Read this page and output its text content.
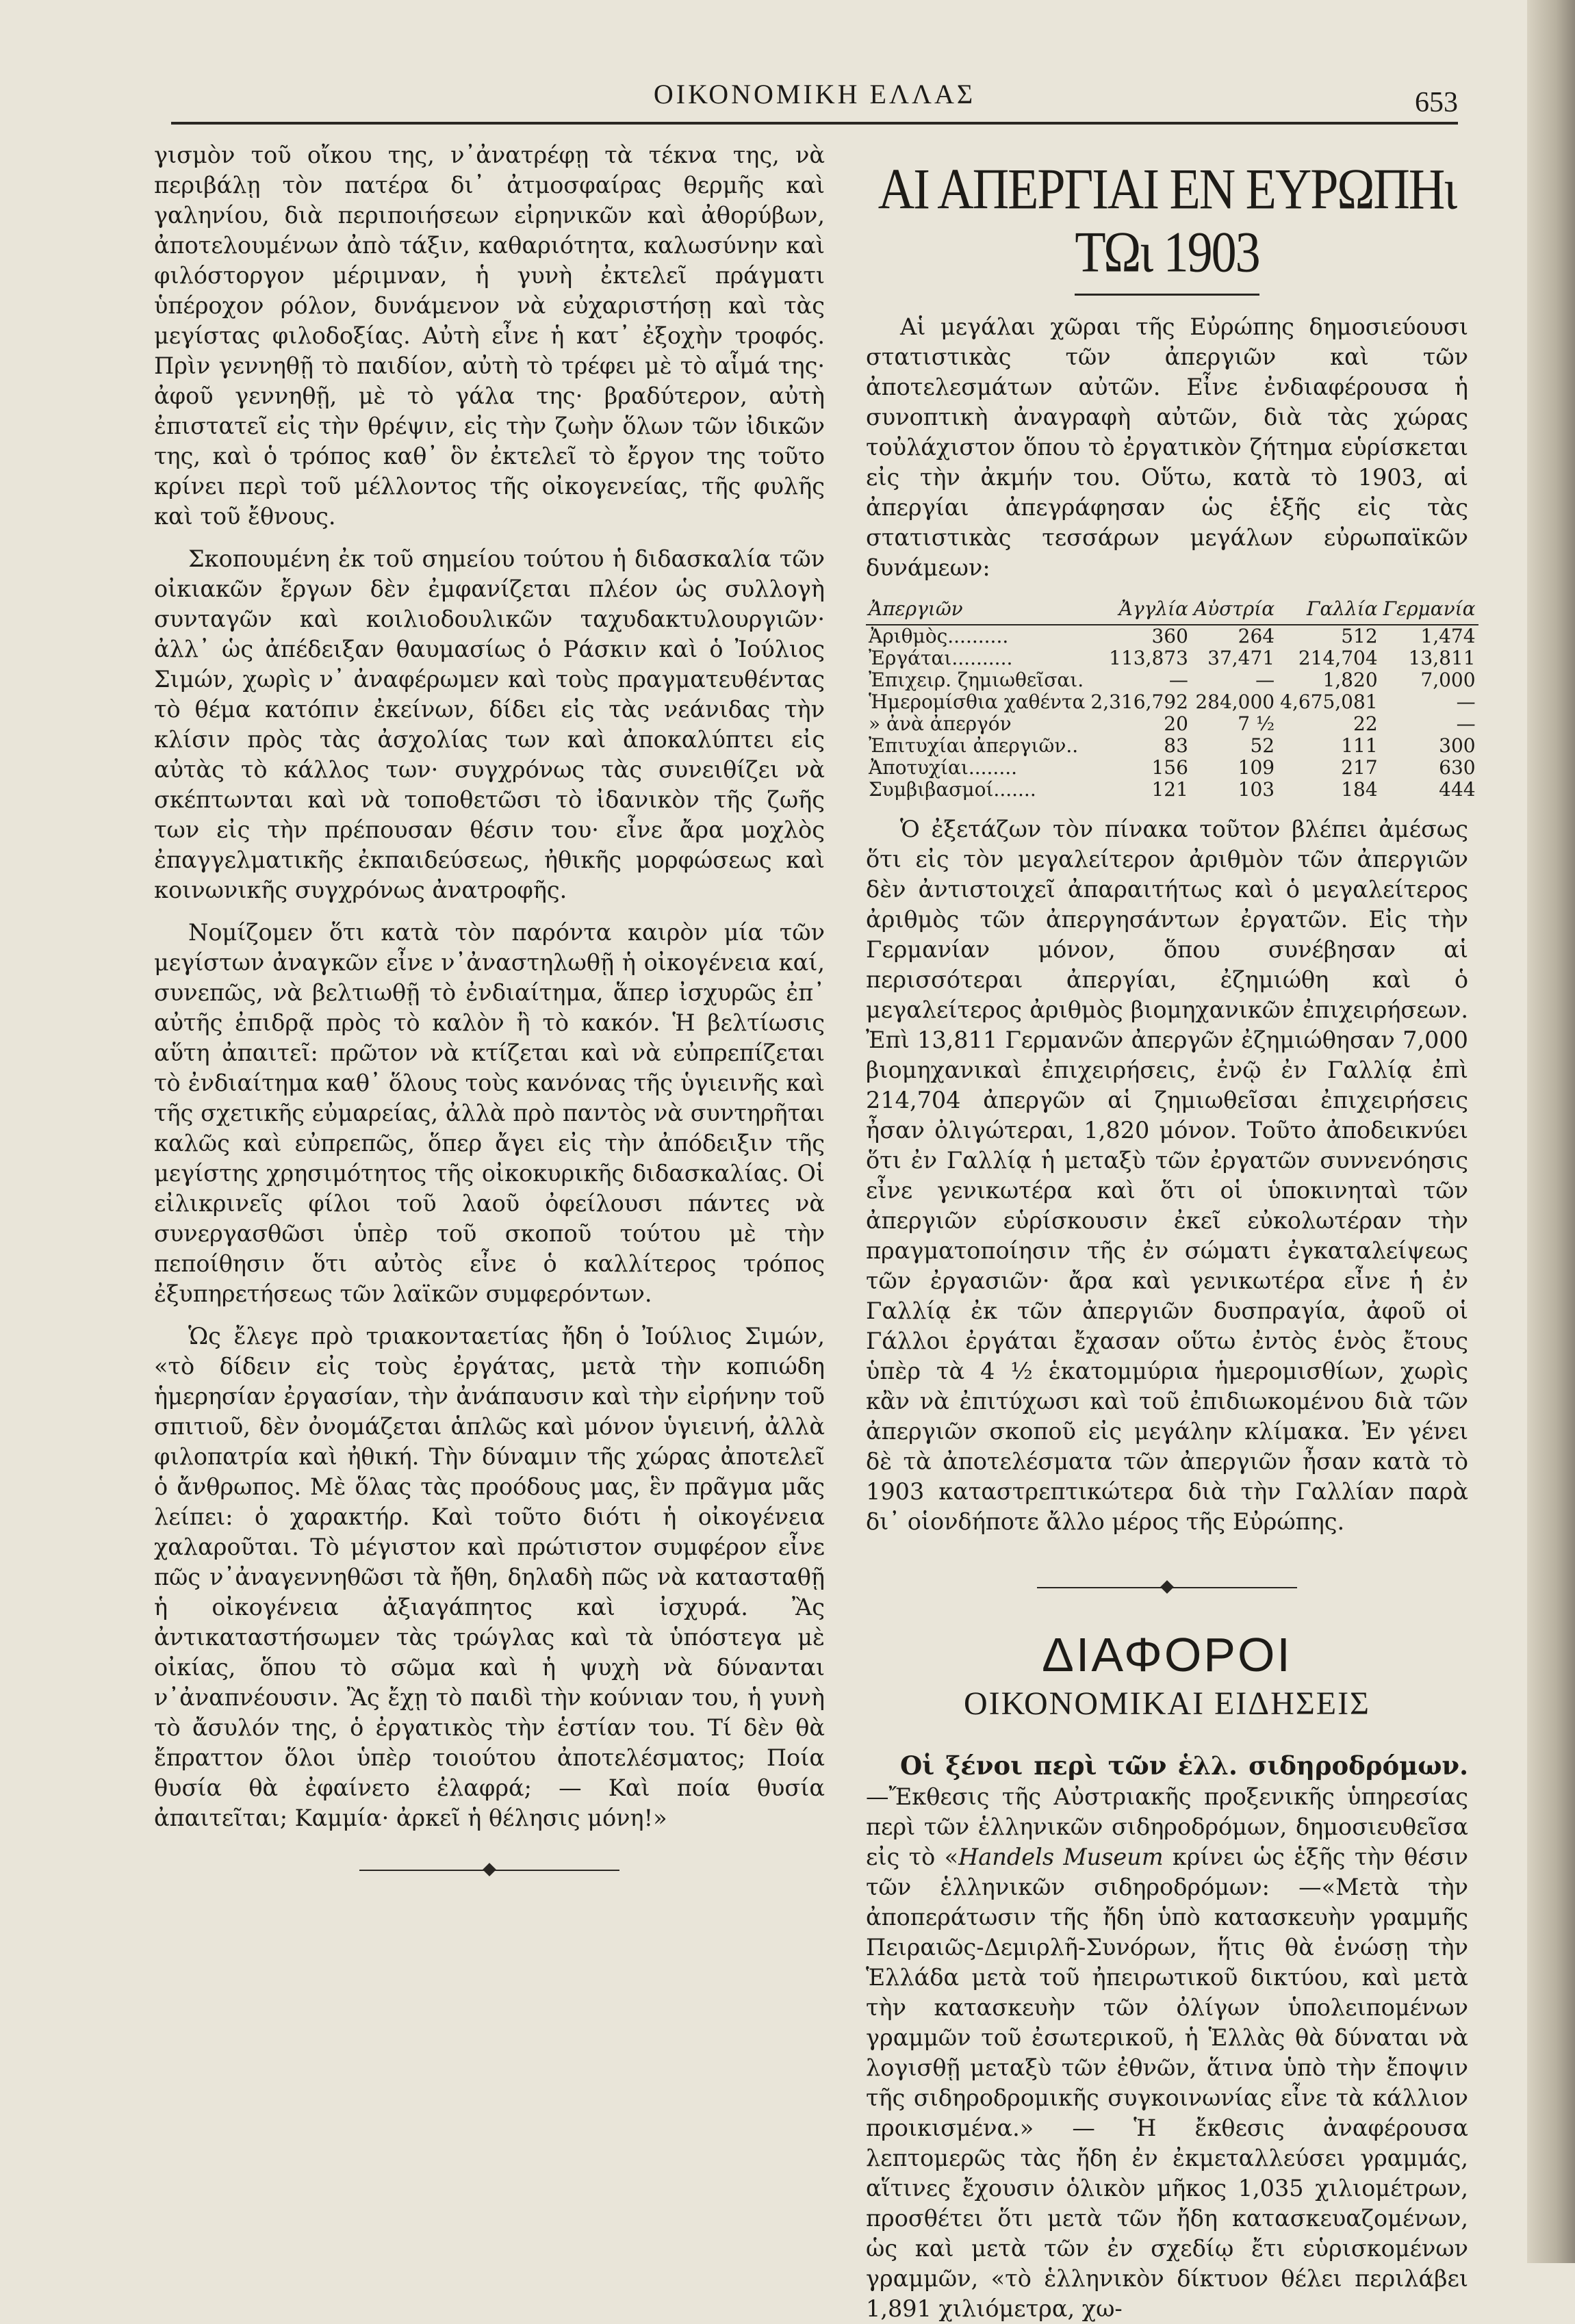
ΟΙΚΟΝΟΜΙΚΗ ΕΛΛΑΣ	653

γισμὸν τοῦ οἴκου της, ν᾽ἀνατρέφῃ τὰ τέκνα της, νὰ περιβάλῃ τὸν πατέρα δι᾽ ἀτμοσφαίρας θερμῆς καὶ γαληνίου, διὰ περιποιήσεων εἰρηνικῶν καὶ ἀθορύβων, ἀποτελουμένων ἀπὸ τάξιν, καθαριότητα, καλωσύνην καὶ φιλόστοργον μέριμναν, ἡ γυνὴ ἐκτελεῖ πράγματι ὑπέροχον ρόλον, δυνάμενον νὰ εὐχαριστήσῃ καὶ τὰς μεγίστας φιλοδοξίας. Αὐτὴ εἶνε ἡ κατ᾽ ἐξοχὴν τροφός. Πρὶν γεννηθῇ τὸ παιδίον, αὐτὴ τὸ τρέφει μὲ τὸ αἷμά της· ἀφοῦ γεννηθῇ, μὲ τὸ γάλα της· βραδύτερον, αὐτὴ ἐπιστατεῖ εἰς τὴν θρέψιν, εἰς τὴν ζωὴν ὅλων τῶν ἰδικῶν της, καὶ ὁ τρόπος καθ᾽ ὃν ἐκτελεῖ τὸ ἔργον της τοῦτο κρίνει περὶ τοῦ μέλλοντος τῆς οἰκογενείας, τῆς φυλῆς καὶ τοῦ ἔθνους.

Σκοπουμένη ἐκ τοῦ σημείου τούτου ἡ διδασκαλία τῶν οἰκιακῶν ἔργων δὲν ἐμφανίζεται πλέον ὡς συλλογὴ συνταγῶν καὶ κοιλιοδουλικῶν ταχυδακτυλουργιῶν· ἀλλ᾽ ὡς ἀπέδειξαν θαυμασίως ὁ Ράσκιν καὶ ὁ Ἰούλιος Σιμών, χωρὶς ν᾽ ἀναφέρωμεν καὶ τοὺς πραγματευθέντας τὸ θέμα κατόπιν ἐκείνων, δίδει εἰς τὰς νεάνιδας τὴν κλίσιν πρὸς τὰς ἀσχολίας των καὶ ἀποκαλύπτει εἰς αὐτὰς τὸ κάλλος των· συγχρόνως τὰς συνειθίζει νὰ σκέπτωνται καὶ νὰ τοποθετῶσι τὸ ἰδανικὸν τῆς ζωῆς των εἰς τὴν πρέπουσαν θέσιν του· εἶνε ἄρα μοχλὸς ἐπαγγελματικῆς ἐκπαιδεύσεως, ἠθικῆς μορφώσεως καὶ κοινωνικῆς συγχρόνως ἀνατροφῆς.

Νομίζομεν ὅτι κατὰ τὸν παρόντα καιρὸν μία τῶν μεγίστων ἀναγκῶν εἶνε ν᾽ἀναστηλωθῇ ἡ οἰκογένεια καί, συνεπῶς, νὰ βελτιωθῇ τὸ ἐνδιαίτημα, ἅπερ ἰσχυρῶς ἐπ᾽ αὐτῆς ἐπιδρᾷ πρὸς τὸ καλὸν ἢ τὸ κακόν. Ἡ βελτίωσις αὕτη ἀπαιτεῖ: πρῶτον νὰ κτίζεται καὶ νὰ εὐπρεπίζεται τὸ ἐνδιαίτημα καθ᾽ ὅλους τοὺς κανόνας τῆς ὑγιεινῆς καὶ τῆς σχετικῆς εὐμαρείας, ἀλλὰ πρὸ παντὸς νὰ συντηρῆται καλῶς καὶ εὐπρεπῶς, ὅπερ ἄγει εἰς τὴν ἀπόδειξιν τῆς μεγίστης χρησιμότητος τῆς οἰκοκυρικῆς διδασκαλίας. Οἱ εἰλικρινεῖς φίλοι τοῦ λαοῦ ὀφείλουσι πάντες νὰ συνεργασθῶσι ὑπὲρ τοῦ σκοποῦ τούτου μὲ τὴν πεποίθησιν ὅτι αὐτὸς εἶνε ὁ καλλίτερος τρόπος ἐξυπηρετήσεως τῶν λαϊκῶν συμφερόντων.

Ὡς ἔλεγε πρὸ τριακονταετίας ἤδη ὁ Ἰούλιος Σιμών, «τὸ δίδειν εἰς τοὺς ἐργάτας, μετὰ τὴν κοπιώδη ἡμερησίαν ἐργασίαν, τὴν ἀνάπαυσιν καὶ τὴν εἰρήνην τοῦ σπιτιοῦ, δὲν ὀνομάζεται ἁπλῶς καὶ μόνον ὑγιεινή, ἀλλὰ φιλοπατρία καὶ ἠθική. Τὴν δύναμιν τῆς χώρας ἀποτελεῖ ὁ ἄνθρωπος. Μὲ ὅλας τὰς προόδους μας, ἓν πρᾶγμα μᾶς λείπει: ὁ χαρακτήρ. Καὶ τοῦτο διότι ἡ οἰκογένεια χαλαροῦται. Τὸ μέγιστον καὶ πρώτιστον συμφέρον εἶνε πῶς ν᾽ἀναγεννηθῶσι τὰ ἤθη, δηλαδὴ πῶς νὰ κατασταθῇ ἡ οἰκογένεια ἀξιαγάπητος καὶ ἰσχυρά. Ἂς ἀντικαταστήσωμεν τὰς τρώγλας καὶ τὰ ὑπόστεγα μὲ οἰκίας, ὅπου τὸ σῶμα καὶ ἡ ψυχὴ νὰ δύνανται ν᾽ἀναπνέουσιν. Ἂς ἔχῃ τὸ παιδὶ τὴν κούνιαν του, ἡ γυνὴ τὸ ἄσυλόν της, ὁ ἐργατικὸς τὴν ἑστίαν του. Τί δὲν θὰ ἔπραττον ὅλοι ὑπὲρ τοιούτου ἀποτελέσματος; Ποία θυσία θὰ ἐφαίνετο ἐλαφρά; — Καὶ ποία θυσία ἀπαιτεῖται; Καμμία· ἀρκεῖ ἡ θέλησις μόνη!»

ΑΙ ΑΠΕΡΓΙΑΙ ΕΝ ΕΥΡΩΠΗι ΤΩι 1903

Αἱ μεγάλαι χῶραι τῆς Εὐρώπης δημοσιεύουσι στατιστικὰς τῶν ἀπεργιῶν καὶ τῶν ἀποτελεσμάτων αὐτῶν. Εἶνε ἐνδιαφέρουσα ἡ συνοπτικὴ ἀναγραφὴ αὐτῶν, διὰ τὰς χώρας τοὐλάχιστον ὅπου τὸ ἐργατικὸν ζήτημα εὑρίσκεται εἰς τὴν ἀκμήν του. Οὕτω, κατὰ τὸ 1903, αἱ ἀπεργίαι ἀπεγράφησαν ὡς ἑξῆς εἰς τὰς στατιστικὰς τεσσάρων μεγάλων εὐρωπαϊκῶν δυνάμεων:

Ἀπεργιῶν	Ἀγγλία	Αὐστρία	Γαλλία	Γερμανία
Ἀριθμὸς..........	360	264	512	1,474
Ἐργάται..........	113,873	37,471	214,704	13,811
Ἐπιχειρ. ζημιωθεῖσαι.	—	—	1,820	7,000
Ἡμερομίσθια χαθέντα	2,316,792	284,000	4,675,081	—
» ἀνὰ ἀπεργόν	20	7 ½	22	—
Ἐπιτυχίαι ἀπεργιῶν..	83	52	111	300
Ἀποτυχίαι........	156	109	217	630
Συμβιβασμοί.......	121	103	184	444

Ὁ ἐξετάζων τὸν πίνακα τοῦτον βλέπει ἀμέσως ὅτι εἰς τὸν μεγαλείτερον ἀριθμὸν τῶν ἀπεργιῶν δὲν ἀντιστοιχεῖ ἀπαραιτήτως καὶ ὁ μεγαλείτερος ἀριθμὸς τῶν ἀπεργησάντων ἐργατῶν. Εἰς τὴν Γερμανίαν μόνον, ὅπου συνέβησαν αἱ περισσότεραι ἀπεργίαι, ἐζημιώθη καὶ ὁ μεγαλείτερος ἀριθμὸς βιομηχανικῶν ἐπιχειρήσεων. Ἐπὶ 13,811 Γερμανῶν ἀπεργῶν ἐζημιώθησαν 7,000 βιομηχανικαὶ ἐπιχειρήσεις, ἐνῷ ἐν Γαλλίᾳ ἐπὶ 214,704 ἀπεργῶν αἱ ζημιωθεῖσαι ἐπιχειρήσεις ἦσαν ὀλιγώτεραι, 1,820 μόνον. Τοῦτο ἀποδεικνύει ὅτι ἐν Γαλλίᾳ ἡ μεταξὺ τῶν ἐργατῶν συννενόησις εἶνε γενικωτέρα καὶ ὅτι οἱ ὑποκινηταὶ τῶν ἀπεργιῶν εὑρίσκουσιν ἐκεῖ εὐκολωτέραν τὴν πραγματοποίησιν τῆς ἐν σώματι ἐγκαταλείψεως τῶν ἐργασιῶν· ἄρα καὶ γενικωτέρα εἶνε ἡ ἐν Γαλλίᾳ ἐκ τῶν ἀπεργιῶν δυσπραγία, ἀφοῦ οἱ Γάλλοι ἐργάται ἔχασαν οὕτω ἐντὸς ἑνὸς ἔτους ὑπὲρ τὰ 4 ½ ἑκατομμύρια ἡμερομισθίων, χωρὶς κἂν νὰ ἐπιτύχωσι καὶ τοῦ ἐπιδιωκομένου διὰ τῶν ἀπεργιῶν σκοποῦ εἰς μεγάλην κλίμακα. Ἐν γένει δὲ τὰ ἀποτελέσματα τῶν ἀπεργιῶν ἦσαν κατὰ τὸ 1903 καταστρεπτικώτερα διὰ τὴν Γαλλίαν παρὰ δι᾽ οἱονδήποτε ἄλλο μέρος τῆς Εὐρώπης.

ΔΙΑΦΟΡΟΙ
ΟΙΚΟΝΟΜΙΚΑΙ ΕΙΔΗΣΕΙΣ

Οἱ ξένοι περὶ τῶν ἑλλ. σιδηροδρόμων.—Ἔκθεσις τῆς Αὐστριακῆς προξενικῆς ὑπηρεσίας περὶ τῶν ἑλληνικῶν σιδηροδρόμων, δημοσιευθεῖσα εἰς τὸ «Handels Museum κρίνει ὡς ἑξῆς τὴν θέσιν τῶν ἑλληνικῶν σιδηροδρόμων: —«Μετὰ τὴν ἀποπεράτωσιν τῆς ἤδη ὑπὸ κατασκευὴν γραμμῆς Πειραιῶς-Δεμιρλῆ-Συνόρων, ἥτις θὰ ἑνώσῃ τὴν Ἑλλάδα μετὰ τοῦ ἠπειρωτικοῦ δικτύου, καὶ μετὰ τὴν κατασκευὴν τῶν ὀλίγων ὑπολειπομένων γραμμῶν τοῦ ἐσωτερικοῦ, ἡ Ἑλλὰς θὰ δύναται νὰ λογισθῇ μεταξὺ τῶν ἐθνῶν, ἅτινα ὑπὸ τὴν ἔποψιν τῆς σιδηροδρομικῆς συγκοινωνίας εἶνε τὰ κάλλιον προικισμένα.» — Ἡ ἔκθεσις ἀναφέρουσα λεπτομερῶς τὰς ἤδη ἐν ἐκμεταλλεύσει γραμμάς, αἵτινες ἔχουσιν ὁλικὸν μῆκος 1,035 χιλιομέτρων, προσθέτει ὅτι μετὰ τῶν ἤδη κατασκευαζομένων, ὡς καὶ μετὰ τῶν ἐν σχεδίῳ ἔτι εὑρισκομένων γραμμῶν, «τὸ ἑλληνικὸν δίκτυον θέλει περιλάβει 1,891 χιλιόμετρα, χω-
